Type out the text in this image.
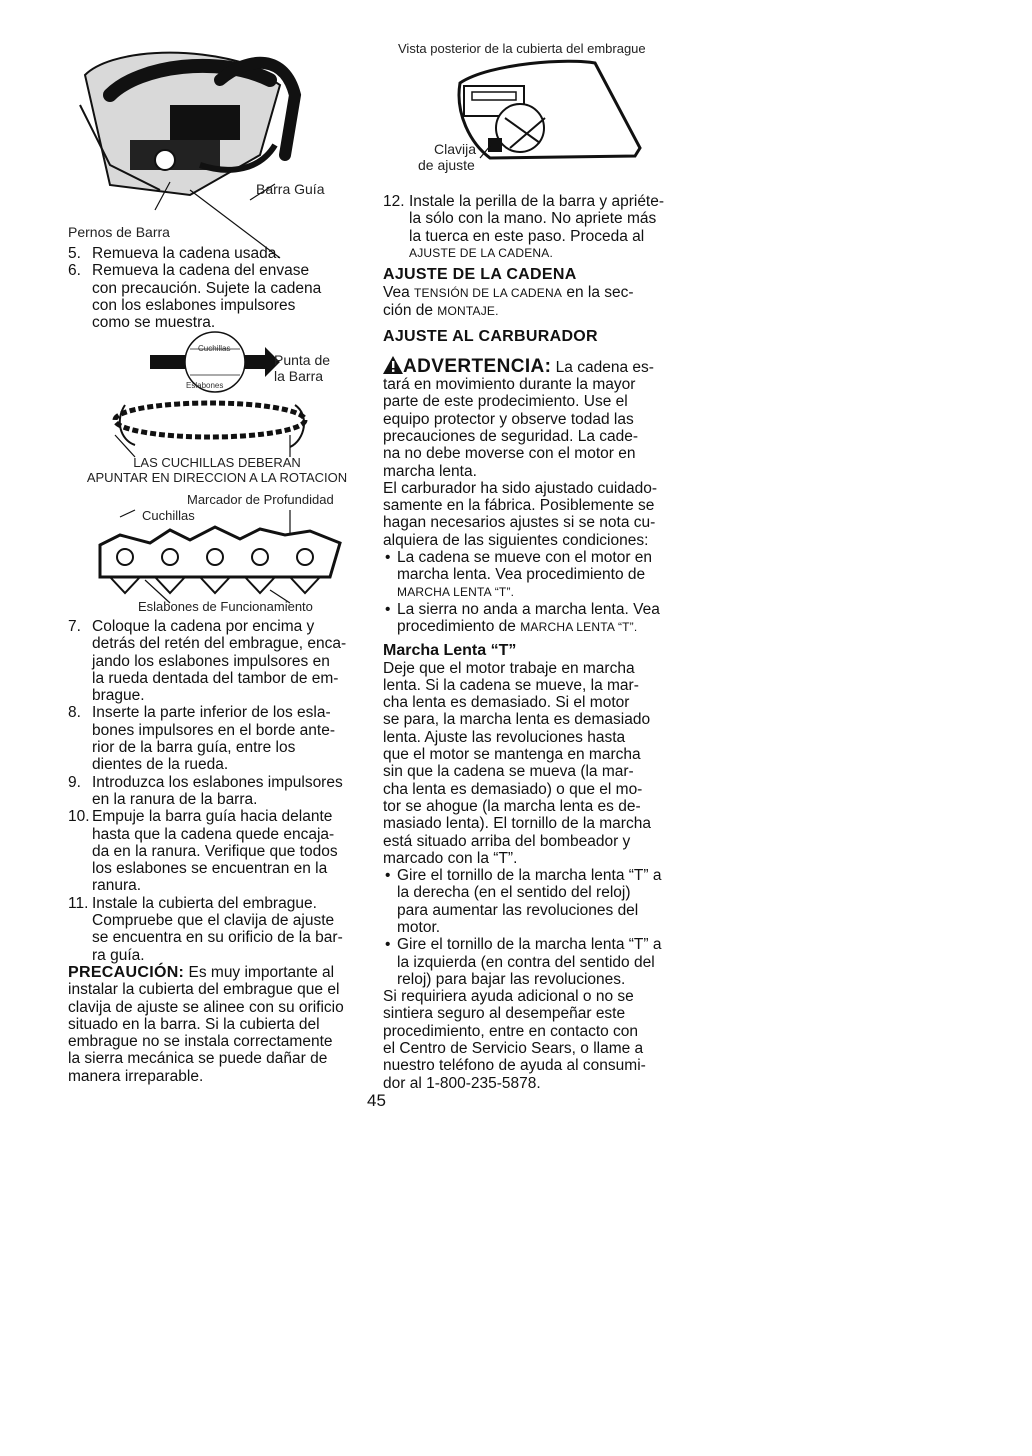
Barra Guía
Pernos de Barra
5. Remueva la cadena usada.
6. Remueva la cadena del envase
con precaución. Sujete la cadena
con los eslabones impulsores
como se muestra.
Cuchillas
Eslabones
Punta de
la Barra
LAS CUCHILLAS DEBERAN
APUNTAR EN DIRECCION A LA ROTACION
Marcador de Profundidad
Cuchillas
Eslabones de Funcionamiento
7. Coloque la cadena por encima y
detrás del retén del embrague, enca-
jando los eslabones impulsores en
la rueda dentada del tambor de em-
brague.
8. Inserte la parte inferior de los esla-
bones impulsores en el borde ante-
rior de la barra guía, entre los
dientes de la rueda.
9. Introduzca los eslabones impulsores
en la ranura de la barra.
10. Empuje la barra guía hacia delante
hasta que la cadena quede encaja-
da en la ranura. Verifique que todos
los eslabones se encuentran en la
ranura.
11. Instale la cubierta del embrague.
Compruebe que el clavija de ajuste
se encuentra en su orificio de la bar-
ra guía.
PRECAUCIÓN: Es muy importante al
instalar la cubierta del embrague que el
clavija de ajuste se alinee con su orificio
situado en la barra. Si la cubierta del
embrague no se instala correctamente
la sierra mecánica se puede dañar de
manera irreparable.
Vista posterior de la cubierta del embrague
Clavija
de ajuste
12. Instale la perilla de la barra y apriéte-
la sólo con la mano. No apriete más
la tuerca en este paso. Proceda al
AJUSTE DE LA CADENA.
AJUSTE DE LA CADENA
Vea TENSIÓN DE LA CADENA en la sec-
ción de MONTAJE.
AJUSTE AL CARBURADOR
ADVERTENCIA: La cadena es-
tará en movimiento durante la mayor
parte de este prodecimiento. Use el
equipo protector y observe todad las
precauciones de seguridad. La cade-
na no debe moverse con el motor en
marcha lenta.
El carburador ha sido ajustado cuidado-
samente en la fábrica. Posiblemente se
hagan necesarios ajustes si se nota cu-
alquiera de las siguientes condiciones:
• La cadena se mueve con el motor en
marcha lenta. Vea procedimiento de
MARCHA LENTA “T”.
• La sierra no anda a marcha lenta. Vea
procedimiento de MARCHA LENTA “T”.
Marcha Lenta “T”
Deje que el motor trabaje en marcha
lenta. Si la cadena se mueve, la mar-
cha lenta es demasiado. Si el motor
se para, la marcha lenta es demasiado
lenta. Ajuste las revoluciones hasta
que el motor se mantenga en marcha
sin que la cadena se mueva (la mar-
cha lenta es demasiado) o que el mo-
tor se ahogue (la marcha lenta es de-
masiado lenta). El tornillo de la marcha
está situado arriba del bombeador y
marcado con la “T”.
• Gire el tornillo de la marcha lenta “T” a
la derecha (en el sentido del reloj)
para aumentar las revoluciones del
motor.
• Gire el tornillo de la marcha lenta “T” a
la izquierda (en contra del sentido del
reloj) para bajar las revoluciones.
Si requiriera ayuda adicional o no se
sintiera seguro al desempeñar este
procedimiento, entre en contacto con
el Centro de Servicio Sears, o llame a
nuestro teléfono de ayuda al consumi-
dor al 1-800-235-5878.
45
